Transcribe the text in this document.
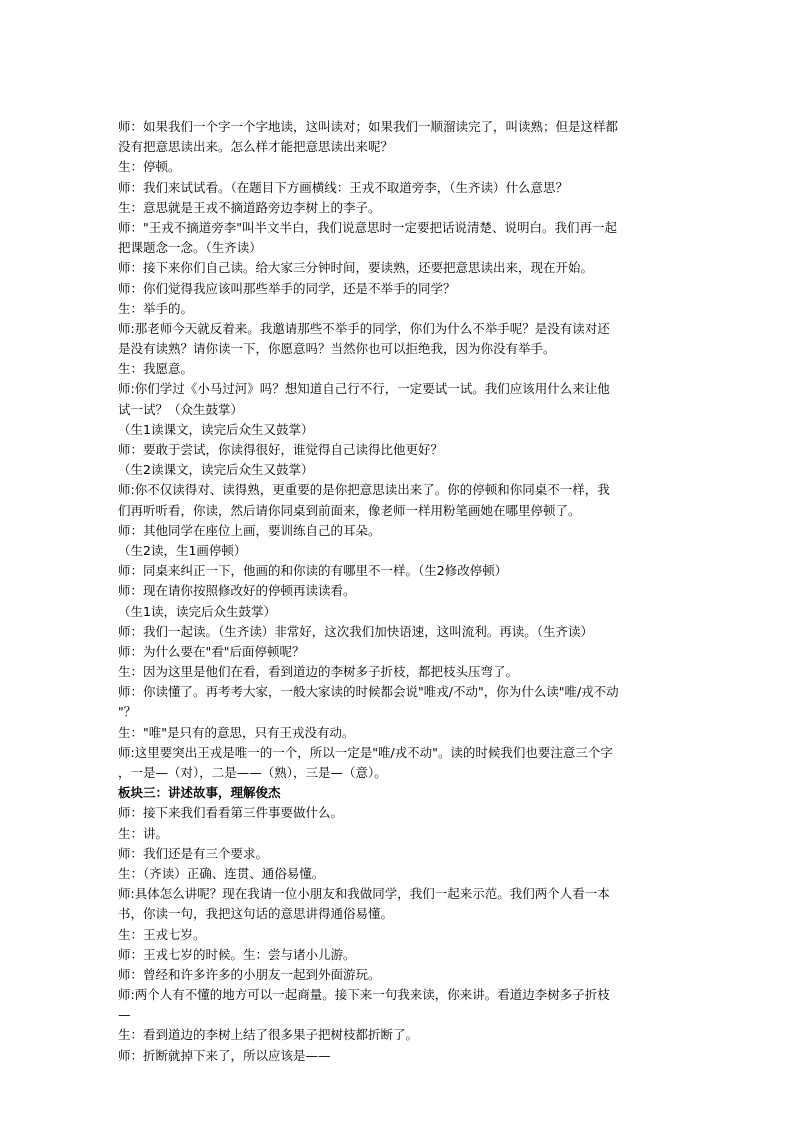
师：如果我们一个字一个字地读，这叫读对；如果我们一顺溜读完了，叫读熟；但是这样都
没有把意思读出来。怎么样才能把意思读出来呢？
生：停顿。
师：我们来试试看。（在题目下方画横线：王戎不取道旁李，（生齐读）什么意思？
生：意思就是王戎不摘道路旁边李树上的李子。
师："王戎不摘道旁李"叫半文半白，我们说意思时一定要把话说清楚、说明白。我们再一起
把课题念一念。（生齐读）
师：接下来你们自己读。给大家三分钟时间，要读熟，还要把意思读出来，现在开始。
师：你们觉得我应该叫那些举手的同学，还是不举手的同学？
生：举手的。
师:那老师今天就反着来。我邀请那些不举手的同学，你们为什么不举手呢？是没有读对还
是没有读熟？请你读一下，你愿意吗？当然你也可以拒绝我，因为你没有举手。
生：我愿意。
师:你们学过《小马过河》吗？想知道自己行不行，一定要试一试。我们应该用什么来让他
试一试？（众生鼓掌）
（生1读课文，读完后众生又鼓掌）
师：要敢于尝试，你读得很好，谁觉得自己读得比他更好？
（生2读课文，读完后众生又鼓掌）
师:你不仅读得对、读得熟，更重要的是你把意思读出来了。你的停顿和你同桌不一样，我
们再听听看，你读，然后请你同桌到前面来，像老师一样用粉笔画她在哪里停顿了。
师：其他同学在座位上画，要训练自己的耳朵。
（生2读，生1画停顿）
师：同桌来纠正一下，他画的和你读的有哪里不一样。（生2修改停顿）
师：现在请你按照修改好的停顿再读读看。
（生1读，读完后众生鼓掌）
师：我们一起读。（生齐读）非常好，这次我们加快语速，这叫流利。再读。（生齐读）
师：为什么要在"看"后面停顿呢？
生：因为这里是他们在看，看到道边的李树多子折枝，都把枝头压弯了。
师：你读懂了。再考考大家，一般大家读的时候都会说"唯戎/不动"，你为什么读"唯/戎不动
"？
生："唯"是只有的意思，只有王戎没有动。
师:这里要突出王戎是唯一的一个，所以一定是"唯/戎不动"。读的时候我们也要注意三个字
，一是—（对），二是——（熟），三是—（意）。
板块三：讲述故事，理解俊杰
师：接下来我们看看第三件事要做什么。
生：讲。
师：我们还是有三个要求。
生：（齐读）正确、连贯、通俗易懂。
师:具体怎么讲呢？现在我请一位小朋友和我做同学，我们一起来示范。我们两个人看一本
书，你读一句，我把这句话的意思讲得通俗易懂。
生：王戎七岁。
师：王戎七岁的时候。生：尝与诸小儿游。
师：曾经和许多许多的小朋友一起到外面游玩。
师:两个人有不懂的地方可以一起商量。接下来一句我来读，你来讲。看道边李树多子折枝
—
生：看到道边的李树上结了很多果子把树枝都折断了。
师：折断就掉下来了，所以应该是——
